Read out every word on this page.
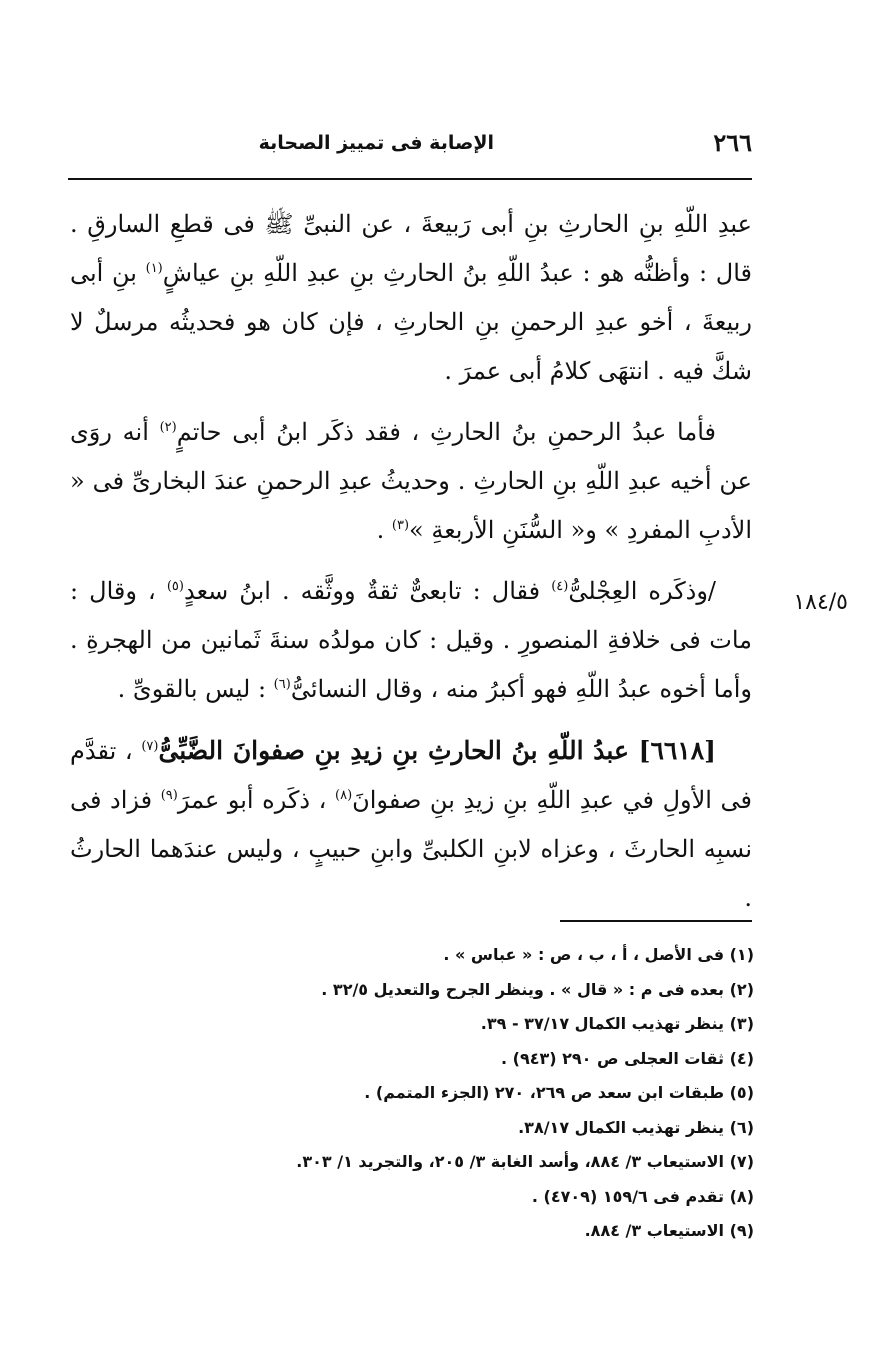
٢٦٦
الإصابة فى تمييز الصحابة
١٨٤/٥

عبدِ اللّهِ بنِ الحارثِ بنِ أبى رَبيعةَ ، عن النبىِّ ﷺ فى قطعِ السارقِ . قال : وأظنُّه هو : عبدُ اللّهِ بنُ الحارثِ بنِ عبدِ اللّهِ بنِ عياشٍ$^{(١)}$ بنِ أبى ربيعةَ ، أخو عبدِ الرحمنِ بنِ الحارثِ ، فإن كان هو فحديثُه مرسلٌ لا شكَّ فيه . انتهَى كلامُ أبى عمرَ .

فأما عبدُ الرحمنِ بنُ الحارثِ ، فقد ذكَر ابنُ أبى حاتمٍ$^{(٢)}$ أنه روَى عن أخيه عبدِ اللّهِ بنِ الحارثِ . وحديثُ عبدِ الرحمنِ عندَ البخارىِّ فى « الأدبِ المفردِ » و« السُّنَنِ الأربعةِ »$^{(٣)}$ .

/وذكَره العِجْلىُّ$^{(٤)}$ فقال : تابعىٌّ ثقةٌ ووثَّقه . ابنُ سعدٍ$^{(٥)}$ ، وقال : مات فى خلافةِ المنصورِ . وقيل : كان مولدُه سنةَ ثَمانين من الهجرةِ . وأما أخوه عبدُ اللّهِ فهو أكبرُ منه ، وقال النسائىُّ$^{(٦)}$ : ليس بالقوىِّ .

[٦٦١٨] عبدُ اللّهِ بنُ الحارثِ بنِ زيدِ بنِ صفوانَ الضَّبِّىُّ$^{(٧)}$ ، تقدَّم فى الأولِ في عبدِ اللّهِ بنِ زيدِ بنِ صفوانَ$^{(٨)}$ ، ذكَره أبو عمرَ$^{(٩)}$ فزاد فى نسبِه الحارثَ ، وعزاه لابنِ الكلبىِّ وابنِ حبيبٍ ، وليس عندَهما الحارثُ .

(١) فى الأصل ، أ ، ب ، ص : « عباس » .
(٢) بعده فى م : « قال » . وينظر الجرح والتعديل ٣٢/٥ .
(٣) ينظر تهذيب الكمال ٣٧/١٧ - ٣٩.
(٤) ثقات العجلى ص ٢٩٠ (٩٤٣) .
(٥) طبقات ابن سعد ص ٢٦٩، ٢٧٠ (الجزء المتمم) .
(٦) ينظر تهذيب الكمال ٣٨/١٧.
(٧) الاستيعاب ٣/ ٨٨٤، وأسد الغابة ٣/ ٢٠٥، والتجريد ١/ ٣٠٣.
(٨) تقدم فى ١٥٩/٦ (٤٧٠٩) .
(٩) الاستيعاب ٣/ ٨٨٤.
